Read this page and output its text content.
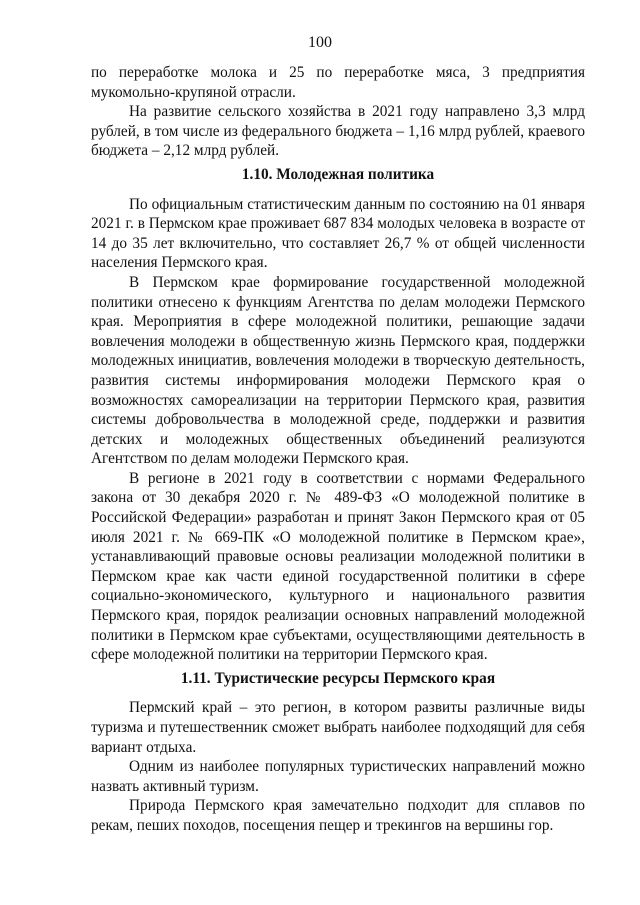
100

по переработке молока и 25 по переработке мяса, 3 предприятия мукомольно-крупяной отрасли.

На развитие сельского хозяйства в 2021 году направлено 3,3 млрд рублей, в том числе из федерального бюджета – 1,16 млрд рублей, краевого бюджета – 2,12 млрд рублей.

1.10. Молодежная политика

По официальным статистическим данным по состоянию на 01 января 2021 г. в Пермском крае проживает 687 834 молодых человека в возрасте от 14 до 35 лет включительно, что составляет 26,7 % от общей численности населения Пермского края.

В Пермском крае формирование государственной молодежной политики отнесено к функциям Агентства по делам молодежи Пермского края. Мероприятия в сфере молодежной политики, решающие задачи вовлечения молодежи в общественную жизнь Пермского края, поддержки молодежных инициатив, вовлечения молодежи в творческую деятельность, развития системы информирования молодежи Пермского края о возможностях самореализации на территории Пермского края, развития системы добровольчества в молодежной среде, поддержки и развития детских и молодежных общественных объединений реализуются Агентством по делам молодежи Пермского края.

В регионе в 2021 году в соответствии с нормами Федерального закона от 30 декабря 2020 г. № 489-ФЗ «О молодежной политике в Российской Федерации» разработан и принят Закон Пермского края от 05 июля 2021 г. № 669-ПК «О молодежной политике в Пермском крае», устанавливающий правовые основы реализации молодежной политики в Пермском крае как части единой государственной политики в сфере социально-экономического, культурного и национального развития Пермского края, порядок реализации основных направлений молодежной политики в Пермском крае субъектами, осуществляющими деятельность в сфере молодежной политики на территории Пермского края.

1.11. Туристические ресурсы Пермского края

Пермский край – это регион, в котором развиты различные виды туризма и путешественник сможет выбрать наиболее подходящий для себя вариант отдыха.

Одним из наиболее популярных туристических направлений можно назвать активный туризм.

Природа Пермского края замечательно подходит для сплавов по рекам, пеших походов, посещения пещер и трекингов на вершины гор.
